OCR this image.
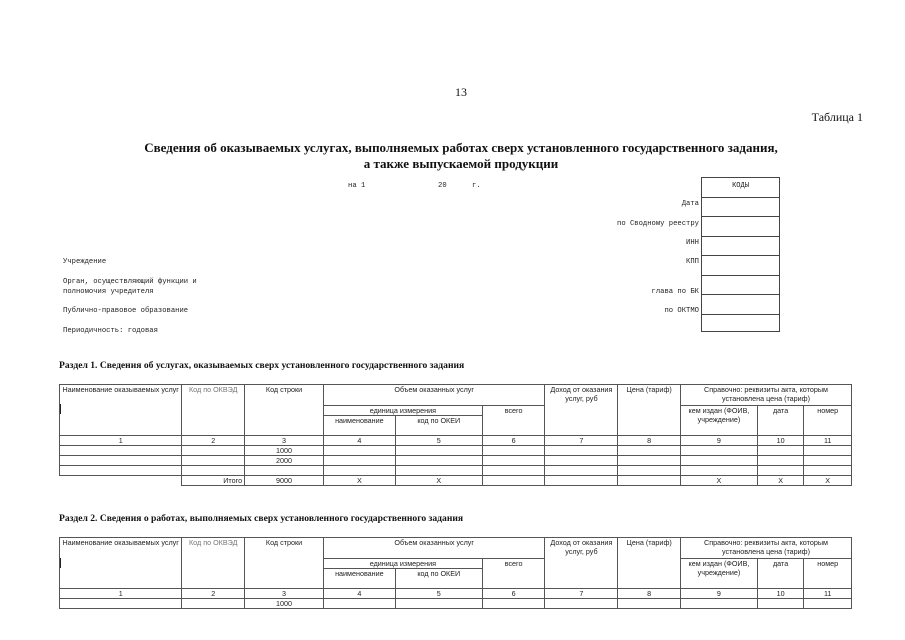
13
Таблица 1
Сведения об оказываемых услугах, выполняемых работах сверх установленного государственного задания,
а также выпускаемой продукции
на 1	20	г.	КОДЫ
Дата
по Сводному реестру
ИНН
КПП
глава по БК
по ОКТМО
Учреждение
Орган, осуществляющий функции и
полномочия учредителя
Публично-правовое образование
Периодичность: годовая
Раздел 1. Сведения об услугах, оказываемых сверх установленного государственного задания
Наименование оказываемых услуг	Код по ОКВЭД	Код строки	Объем оказанных услуг			Доход от оказания услуг, руб	Цена (тариф)	Справочно: реквизиты акта, которым установлена цена (тариф)		
			единица измерения		всего			кем издан (ФОИВ, учреждение)	дата	номер
			наименование	код по ОКЕИ						
1	2	3	4	5	6	7	8	9	10	11
		1000								
		2000								

	Итого	9000	X	X				X	X	X
Раздел 2. Сведения о работах, выполняемых сверх установленного государственного задания
Наименование оказываемых услуг	Код по ОКВЭД	Код строки	Объем оказанных услуг			Доход от оказания услуг, руб	Цена (тариф)	Справочно: реквизиты акта, которым установлена цена (тариф)		
			единица измерения		всего			кем издан (ФОИВ, учреждение)	дата	номер
			наименование	код по ОКЕИ						
1	2	3	4	5	6	7	8	9	10	11
		1000								
